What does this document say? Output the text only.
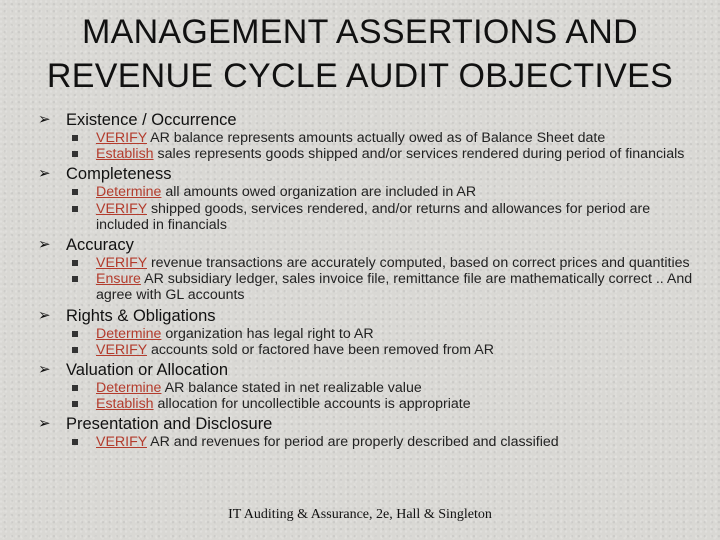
MANAGEMENT ASSERTIONS AND
REVENUE CYCLE AUDIT OBJECTIVES
➢ Existence / Occurrence
VERIFY AR balance represents amounts actually owed as of Balance Sheet date
Establish sales represents goods shipped and/or services rendered during period of financials
➢ Completeness
Determine all amounts owed organization are included in AR
VERIFY shipped goods, services rendered, and/or returns and allowances for period are included in financials
➢ Accuracy
VERIFY revenue transactions are accurately computed, based on correct prices and quantities
Ensure AR subsidiary ledger, sales invoice file, remittance file are mathematically correct .. And agree with GL accounts
➢ Rights & Obligations
Determine organization has legal right to AR
VERIFY accounts sold or factored have been removed from AR
➢ Valuation or Allocation
Determine AR balance stated in net realizable value
Establish allocation for uncollectible accounts is appropriate
➢ Presentation and Disclosure
VERIFY AR and revenues for period are properly described and classified
IT Auditing & Assurance, 2e, Hall & Singleton
